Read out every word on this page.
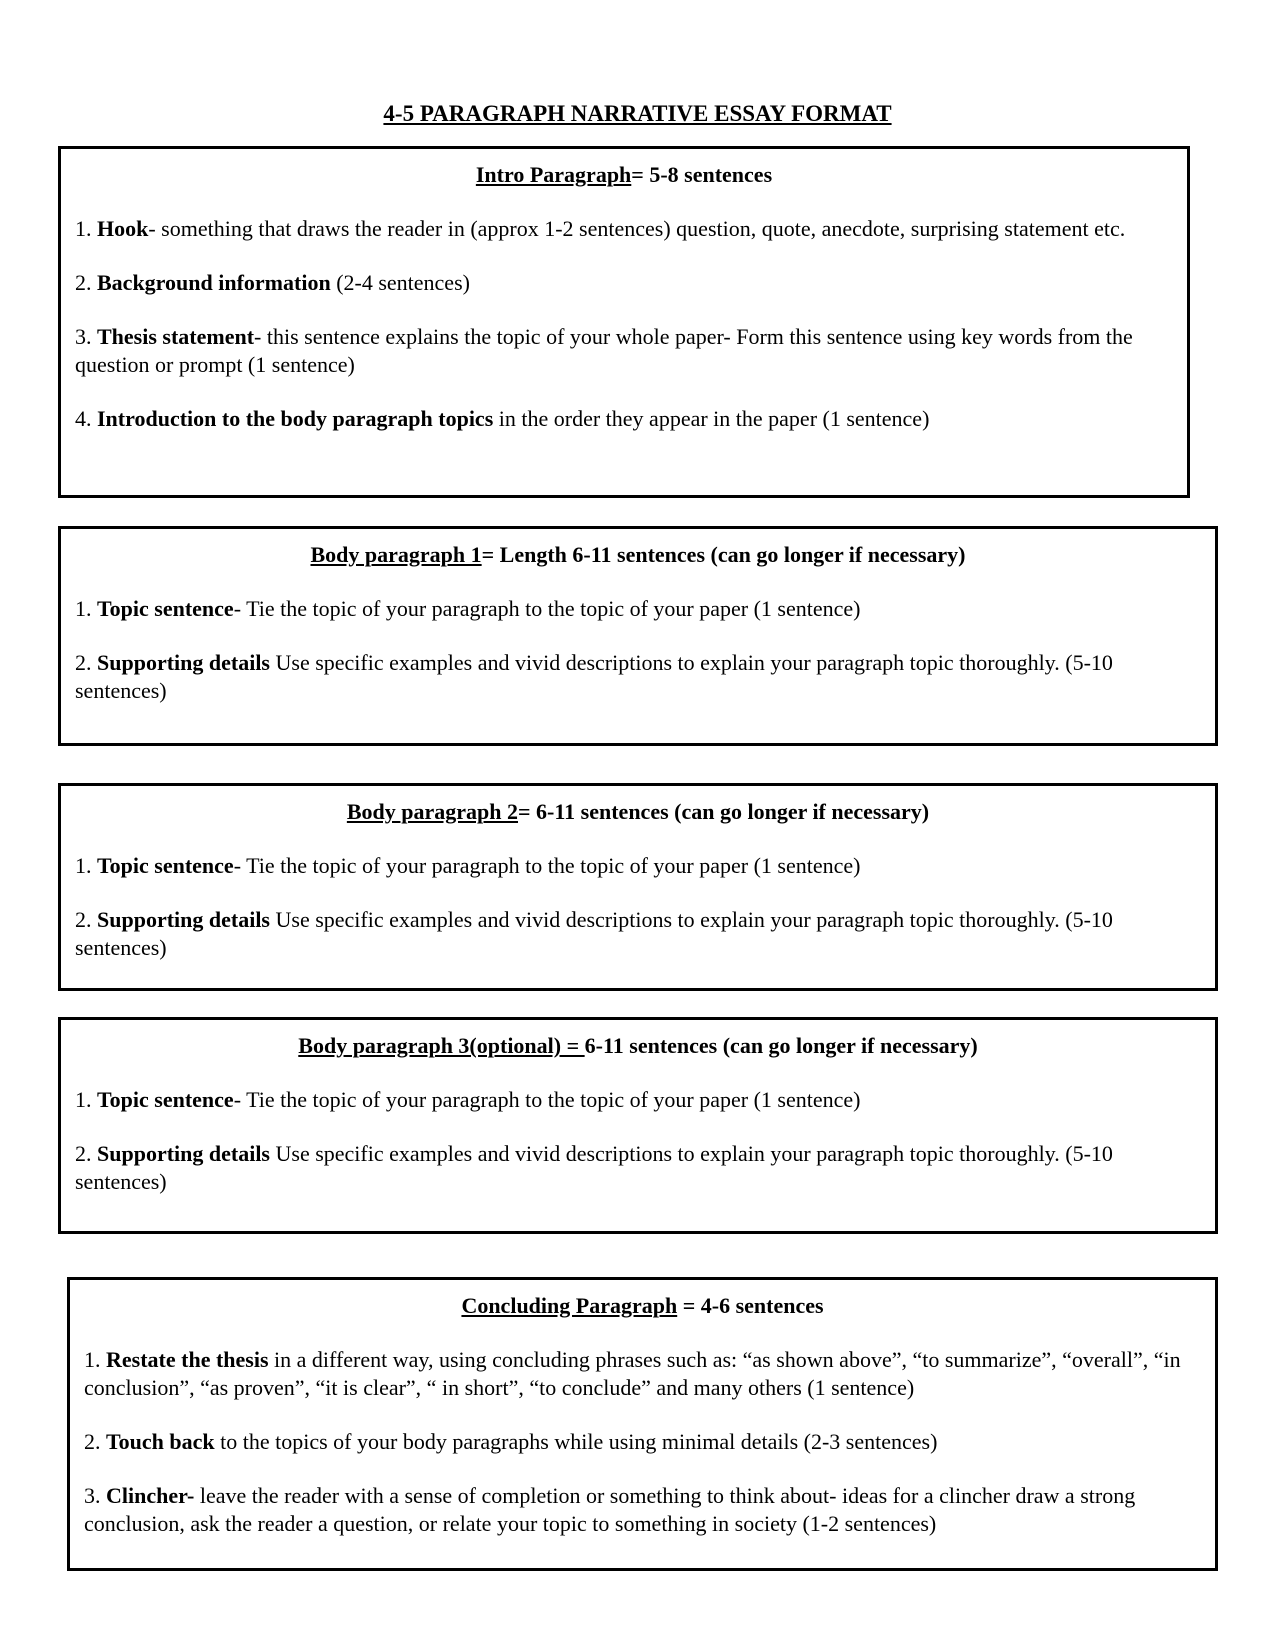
4-5 PARAGRAPH NARRATIVE ESSAY FORMAT

Intro Paragraph= 5-8 sentences

1. Hook- something that draws the reader in (approx 1-2 sentences) question, quote, anecdote, surprising statement etc.

2. Background information (2-4 sentences)

3. Thesis statement- this sentence explains the topic of your whole paper- Form this sentence using key words from the question or prompt (1 sentence)

4. Introduction to the body paragraph topics in the order they appear in the paper (1 sentence)

Body paragraph 1= Length 6-11 sentences (can go longer if necessary)

1. Topic sentence- Tie the topic of your paragraph to the topic of your paper (1 sentence)

2. Supporting details Use specific examples and vivid descriptions to explain your paragraph topic thoroughly. (5-10 sentences)

Body paragraph 2= 6-11 sentences (can go longer if necessary)

1. Topic sentence- Tie the topic of your paragraph to the topic of your paper (1 sentence)

2. Supporting details Use specific examples and vivid descriptions to explain your paragraph topic thoroughly. (5-10 sentences)

Body paragraph 3(optional) = 6-11 sentences (can go longer if necessary)

1. Topic sentence- Tie the topic of your paragraph to the topic of your paper (1 sentence)

2. Supporting details Use specific examples and vivid descriptions to explain your paragraph topic thoroughly. (5-10 sentences)

Concluding Paragraph = 4-6 sentences

1. Restate the thesis in a different way, using concluding phrases such as: “as shown above”, “to summarize”, “overall”, “in conclusion”, “as proven”, “it is clear”, “ in short”, “to conclude” and many others (1 sentence)

2. Touch back to the topics of your body paragraphs while using minimal details (2-3 sentences)

3. Clincher- leave the reader with a sense of completion or something to think about- ideas for a clincher draw a strong conclusion, ask the reader a question, or relate your topic to something in society (1-2 sentences)
